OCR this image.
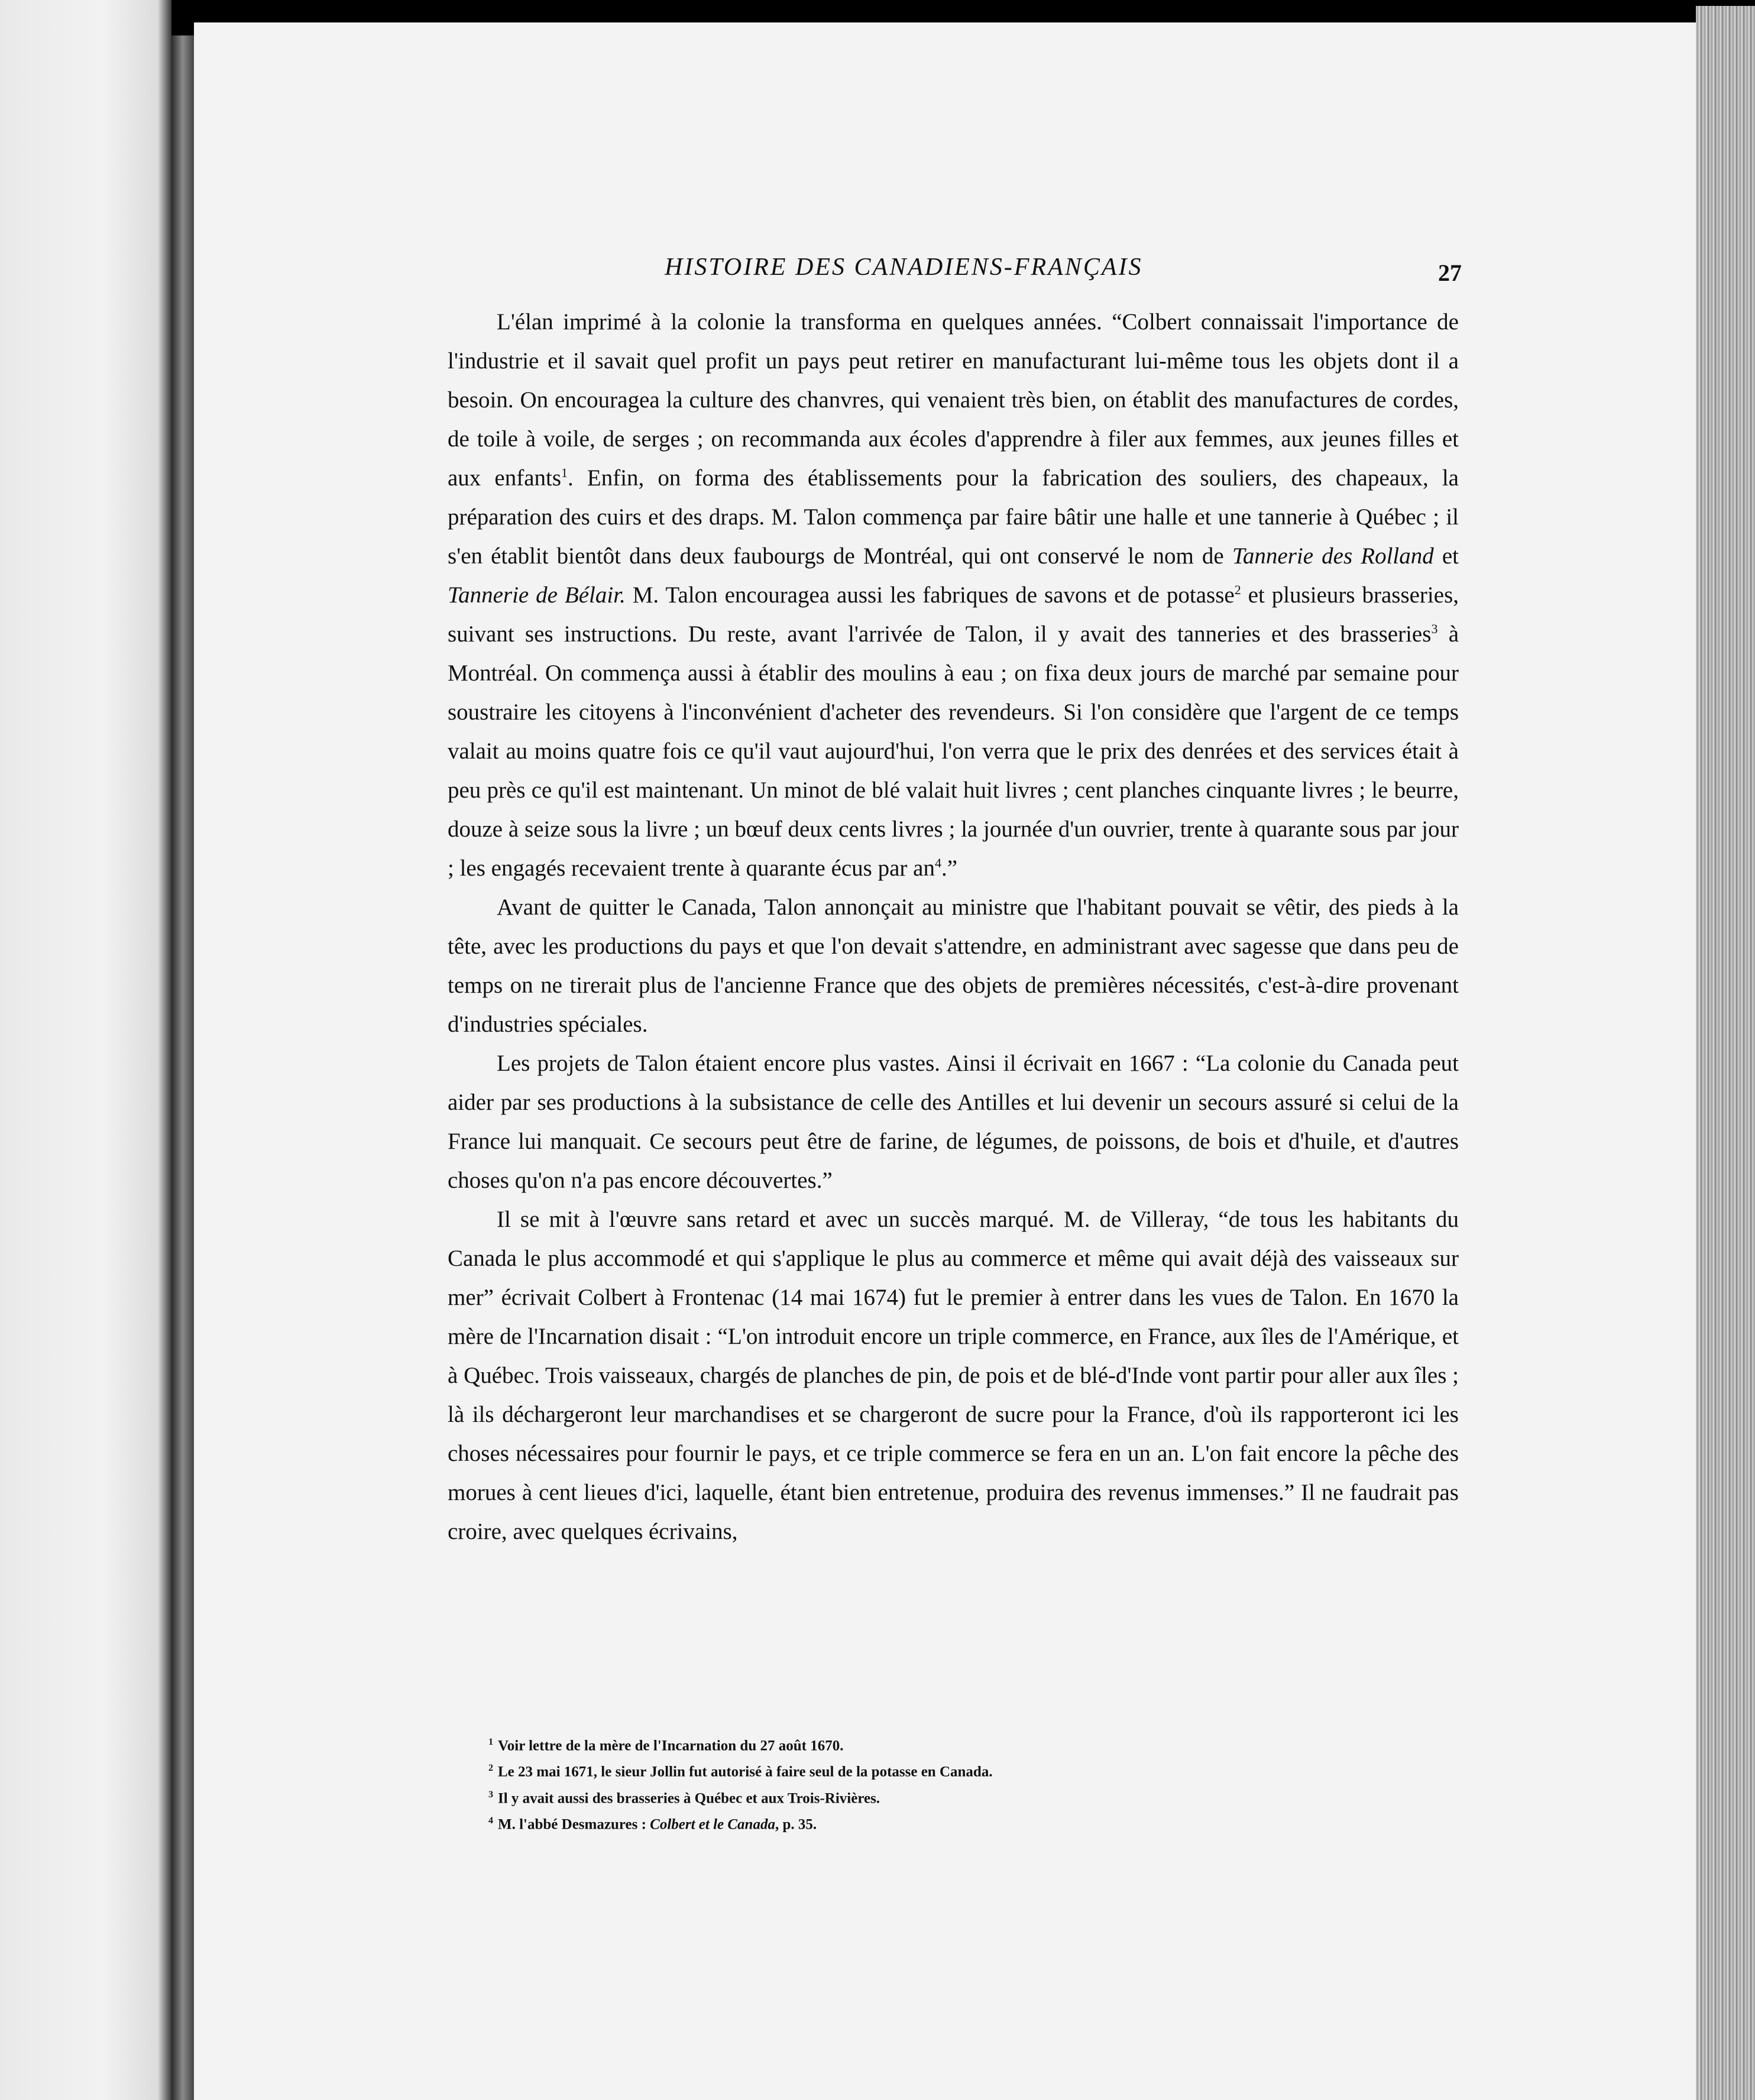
HISTOIRE DES CANADIENS-FRANÇAIS	27

L'élan imprimé à la colonie la transforma en quelques années. “Colbert connaissait l'importance de l'industrie et il savait quel profit un pays peut retirer en manufacturant lui-même tous les objets dont il a besoin. On encouragea la culture des chanvres, qui venaient très bien, on établit des manufactures de cordes, de toile à voile, de serges ; on recommanda aux écoles d'apprendre à filer aux femmes, aux jeunes filles et aux enfants$^1$. Enfin, on forma des établissements pour la fabrication des souliers, des chapeaux, la préparation des cuirs et des draps. M. Talon commença par faire bâtir une halle et une tannerie à Québec ; il s'en établit bientôt dans deux faubourgs de Montréal, qui ont conservé le nom de Tannerie des Rolland et Tannerie de Bélair. M. Talon encouragea aussi les fabriques de savons et de potasse$^2$ et plusieurs brasseries, suivant ses instructions. Du reste, avant l'arrivée de Talon, il y avait des tanneries et des brasseries$^3$ à Montréal. On commença aussi à établir des moulins à eau ; on fixa deux jours de marché par semaine pour soustraire les citoyens à l'inconvénient d'acheter des revendeurs. Si l'on considère que l'argent de ce temps valait au moins quatre fois ce qu'il vaut aujourd'hui, l'on verra que le prix des denrées et des services était à peu près ce qu'il est maintenant. Un minot de blé valait huit livres ; cent planches cinquante livres ; le beurre, douze à seize sous la livre ; un bœuf deux cents livres ; la journée d'un ouvrier, trente à quarante sous par jour ; les engagés recevaient trente à quarante écus par $an^4$.”

Avant de quitter le Canada, Talon annonçait au ministre que l'habitant pouvait se vêtir, des pieds à la tête, avec les productions du pays et que l'on devait s'attendre, en administrant avec sagesse que dans peu de temps on ne tirerait plus de l'ancienne France que des objets de premières nécessités, c'est-à-dire provenant d'industries spéciales.

Les projets de Talon étaient encore plus vastes. Ainsi il écrivait en 1667 : “La colonie du Canada peut aider par ses productions à la subsistance de celle des Antilles et lui devenir un secours assuré si celui de la France lui manquait. Ce secours peut être de farine, de légumes, de poissons, de bois et d'huile, et d'autres choses qu'on n'a pas encore découvertes.”

Il se mit à l'œuvre sans retard et avec un succès marqué. M. de Villeray, “de tous les habitants du Canada le plus accommodé et qui s'applique le plus au commerce et même qui avait déjà des vaisseaux sur mer” écrivait Colbert à Frontenac (14 mai 1674) fut le premier à entrer dans les vues de Talon. En 1670 la mère de l'Incarnation disait : “L'on introduit encore un triple commerce, en France, aux îles de l'Amérique, et à Québec. Trois vaisseaux, chargés de planches de pin, de pois et de blé-d'Inde vont partir pour aller aux îles ; là ils déchargeront leur marchandises et se chargeront de sucre pour la France, d'où ils rapporteront ici les choses nécessaires pour fournir le pays, et ce triple commerce se fera en un an. L'on fait encore la pêche des morues à cent lieues d'ici, laquelle, étant bien entretenue, produira des revenus immenses.” Il ne faudrait pas croire, avec quelques écrivains,

$^1$ Voir lettre de la mère de l'Incarnation du 27 août 1670.
$^2$ Le 23 mai 1671, le sieur Jollin fut autorisé à faire seul de la potasse en Canada.
$^3$ Il y avait aussi des brasseries à Québec et aux Trois-Rivières.
$^4$ M. l'abbé Desmazures : Colbert et le Canada, p. 35.
